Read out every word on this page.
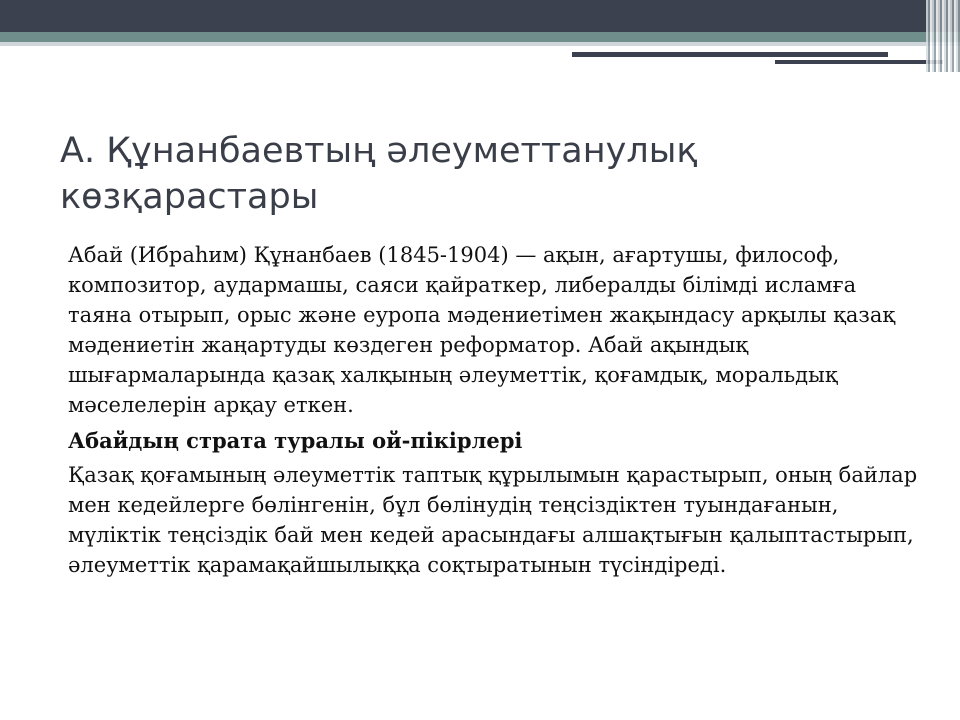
А. Құнанбаевтың әлеуметтанулық көзқарастары

Абай (Ибраһим) Құнанбаев (1845-1904) — ақын, ағартушы, философ, композитор, аудармашы, саяси қайраткер, либералды білімді исламға таяна отырып, орыс және еуропа мәдениетімен жақындасу арқылы қазақ мәдениетін жаңартуды көздеген реформатор. Абай ақындық шығармаларында қазақ халқының әлеуметтік, қоғамдық, моральдық мәселелерін арқау еткен.

Абайдың страта туралы ой-пікірлері

Қазақ қоғамының әлеуметтік таптық құрылымын қарастырып, оның байлар мен кедейлерге бөлінгенін, бұл бөлінудің теңсіздіктен туындағанын, мүліктік теңсіздік бай мен кедей арасындағы алшақтығын қалыптастырып, әлеуметтік қарамақайшылыққа соқтыратынын түсіндіреді.
